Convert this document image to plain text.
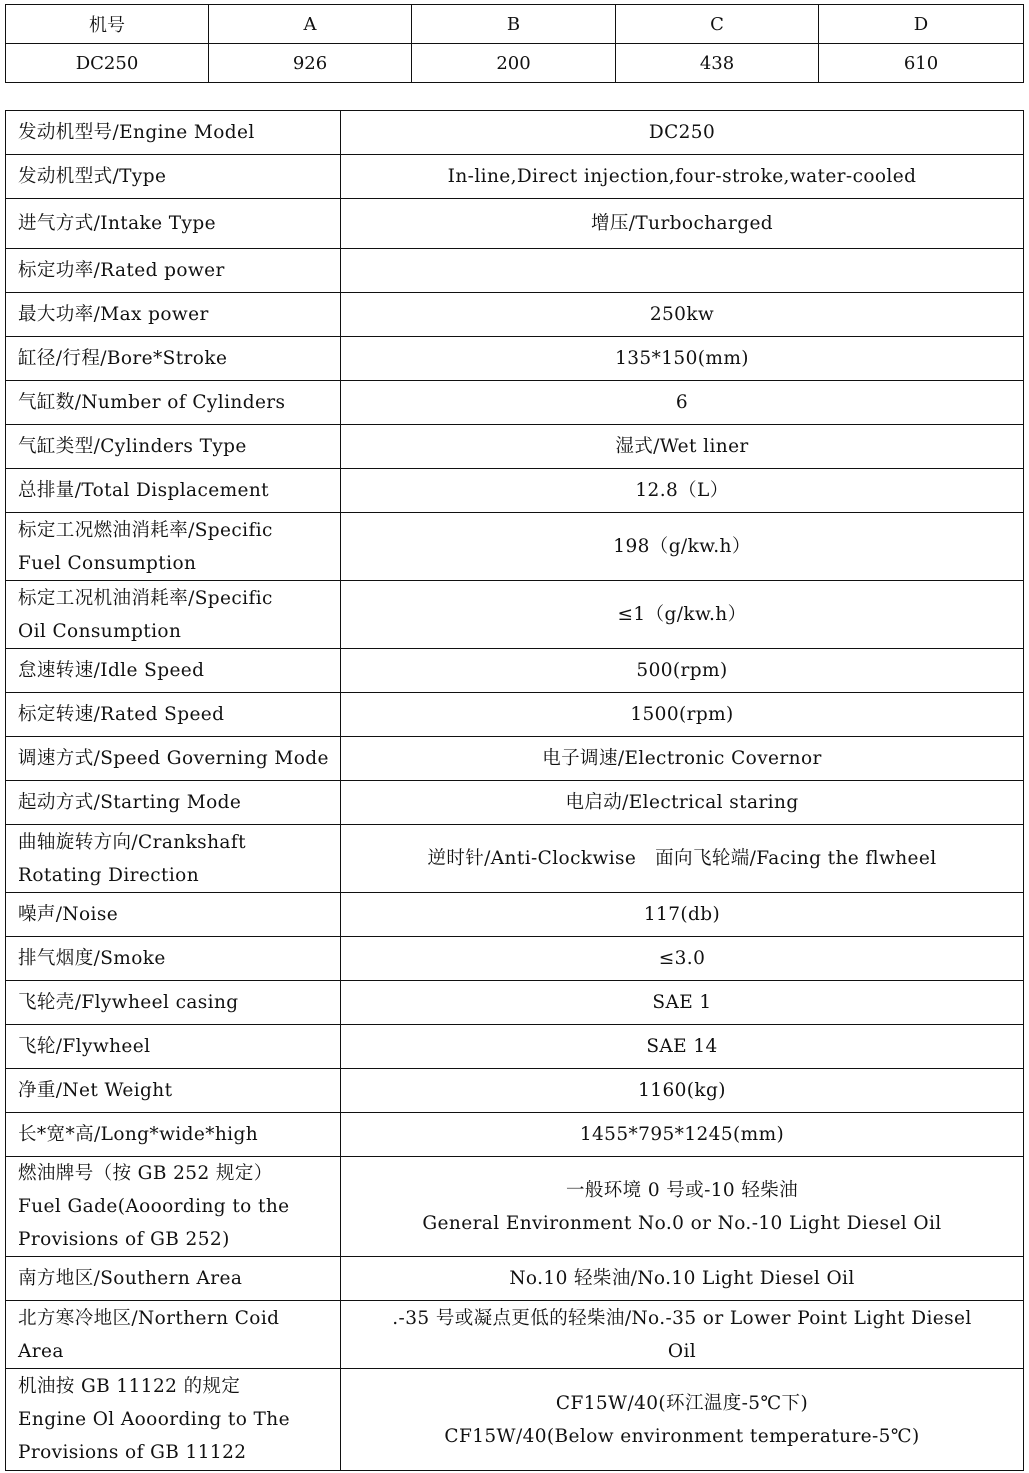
机号	A	B	C	D
DC250	926	200	438	610
发动机型号/Engine Model	DC250

发动机型式/Type	In-line,Direct injection,four-stroke,water-cooled

进气方式/Intake Type	增压/Turbocharged

标定功率/Rated power	

最大功率/Max power	250kw

缸径/行程/Bore*Stroke	135*150(mm)

气缸数/Number of Cylinders	6

气缸类型/Cylinders Type	湿式/Wet liner

总排量/Total Displacement	12.8（L）

标定工况燃油消耗率/Specific
Fuel Consumption	198（g/kw.h）

标定工况机油消耗率/Specific
Oil Consumption	≤1（g/kw.h）

怠速转速/Idle Speed	500(rpm)

标定转速/Rated Speed	1500(rpm)

调速方式/Speed Governing Mode	电子调速/Electronic Covernor

起动方式/Starting Mode	电启动/Electrical staring

曲轴旋转方向/Crankshaft
Rotating Direction	逆时针/Anti-Clockwise　面向飞轮端/Facing the flwheel

噪声/Noise	117(db)

排气烟度/Smoke	≤3.0

飞轮壳/Flywheel casing	SAE 1

飞轮/Flywheel	SAE 14

净重/Net Weight	1160(kg)

长*宽*高/Long*wide*high	1455*795*1245(mm)

燃油牌号（按 GB 252 规定）
Fuel Gade(Aooording to the
Provisions of GB 252)	一般环境 0 号或-10 轻柴油
General Environment No.0 or No.-10 Light Diesel Oil

南方地区/Southern Area	No.10 轻柴油/No.10 Light Diesel Oil

北方寒冷地区/Northern Coid
Area	.-35 号或凝点更低的轻柴油/No.-35 or Lower Point Light Diesel
Oil

机油按 GB 11122 的规定
Engine Ol Aooording to The
Provisions of GB 11122	CF15W/40(环江温度-5℃下)
CF15W/40(Below environment temperature-5℃)
